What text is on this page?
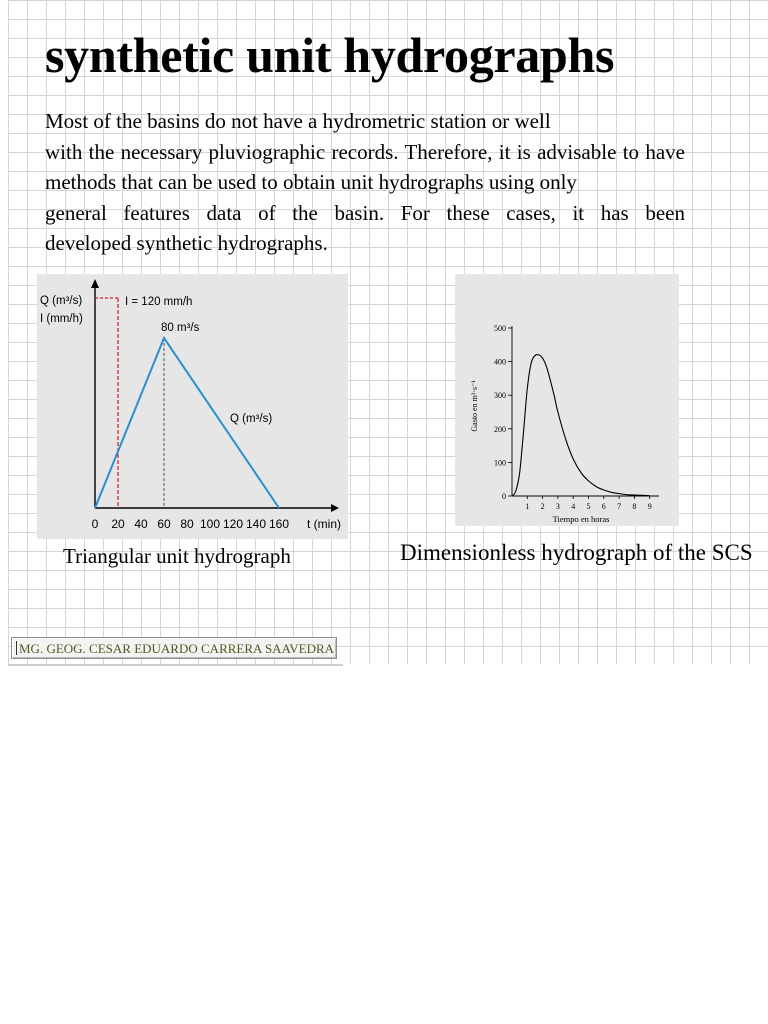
synthetic unit hydrographs
Most of the basins do not have a hydrometric station or well
with the necessary pluviographic records. Therefore, it is advisable to have
methods that can be used to obtain unit hydrographs using only
general features data of the basin. For these cases, it has been
developed synthetic hydrographs.
Q (m³/s)
I (mm/h)
I = 120 mm/h
80 m³/s
Q (m³/s)
0 20 40 60 80 100 120 140 160 t (min)
0
100
200
300
400
500
1 2 3 4 5 6 7 8 9
Gasto en m³·s⁻¹
Tiempo en horas

Triangular unit hydrograph	Dimensionless hydrograph of the SCS

MG. GEOG. CESAR EDUARDO CARRERA SAAVEDRA
